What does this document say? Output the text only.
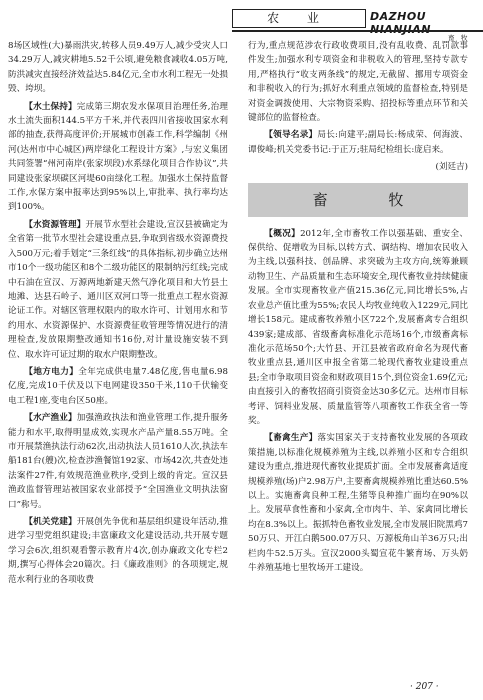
农 业	DAZHOU
畜　牧

8场区域性(大)暴雨洪灾,转移人员9.49万人,减少受灾人口34.29万人,减灾耕地5.52千公顷,避免粮食减收4.05万吨,防洪减灾直接经济效益达5.84亿元,全市水利工程无一处损毁、垮坝。

【水土保持】完成第三期农发水保项目治理任务,治理水土流失面积144.5平方千米,并代表四川省接收国家水利部的抽查,获得高度评价;开展城市创森工作,科学编制《州河(达州市中心城区)两岸绿化工程设计方案》,与宏义集团共同签署“州河南岸(张家坝段)水系绿化项目合作协议”,共同建设张家坝碳区河堤60亩绿化工程。加强水土保持监督工作,水保方案申报率达到95%以上,审批率、执行率均达到100%。

【水资源管理】开展节水型社会建设,宣汉县被确定为全省第一批节水型社会建设重点县,争取到省级水资源费投入500万元;着手划定“三条红线”的具体指标,初步确立达州市10个一级功能区和8个二级功能区的限制纳污红线;完成中石油在宣汉、万源两地新建天然气净化项目和大竹县土地滩、达县石岭子、通川区双河口等一批重点工程水资源论证工作。对辖区管理权限内的取水许可、计划用水和节约用水、水资源保护、水资源费征收管理等情况进行的清理检查,发放限期整改通知书16份,对计量设施安装不到位、取水许可证过期的取水户限期整改。

【地方电力】全年完成供电量7.48亿度,售电量6.98亿度,完成10千伏及以下电网建设350千米,110千伏输变电工程1座,变电台区50座。

【水产渔业】加强渔政执法和渔业管理工作,提升服务能力和水平,取得明显成效,实现水产品产量8.55万吨。全市开展禁渔执法行动62次,出动执法人员1610人次,执法车船181台(艘)次,检查涉渔餐馆192家、市场42次,共查处违法案件27件,有效规范渔业秩序,受到上级的肯定。宣汉县渔政监督管理站被国家农业部授予“全国渔业文明执法窗口”称号。

【机关党建】开展创先争优和基层组织建设年活动,推进学习型党组织建设;丰富廉政文化建设活动,共开展专题学习会6次,组织观看警示教育片4次,创办廉政文化专栏2期,撰写心得体会20篇次。扫《廉政准则》的各项规定,规范水利行业的各项收费

行为,重点规范涉农行政收费项目,没有乱收费、乱罚款事件发生;加强水利专项资金和非税收入的管理,坚持专款专用,严格执行“收支两条线”的规定,无截留、挪用专项资金和非税收入的行为;抓好水利重点领域的监督检查,特别是对资金调拨使用、大宗物资采购、招投标等重点环节和关键部位的监督检查。

【领导名录】局长:向建平;副局长:杨成荣、何海波、谭俊峰;机关党委书记:于正万;驻局纪检组长:庞启来。

(刘廷吉)
畜 牧

【概况】2012年,全市畜牧工作以强基础、重安全、保供给、促增收为目标,以转方式、调结构、增加农民收入为主线,以强科技、创品牌、求突破为主攻方向,统筹兼顾动物卫生、产品质量和生态环境安全,现代畜牧业持续健康发展。全市实现畜牧业产值215.36亿元,同比增长5%,占农业总产值比重为55%;农民人均牧业纯收入1229元,同比增长158元。建成畜牧养殖小区722个,发展畜禽专合组织439家;建成部、省级畜禽标准化示范场16个,市级畜禽标准化示范场50个;大竹县、开江县被省政府命名为现代畜牧业重点县,通川区申报全省第二轮现代畜牧业建设重点县;全市争取项目资金和财政项目15个,到位资金1.69亿元;由直接引入的畜牧招商引资资金达30多亿元。达州市目标考评、饲料业发展、质量监管等八项畜牧工作获全省一等奖。

【畜禽生产】落实国家关于支持畜牧业发展的各项政策措施,以标准化规模养殖为主线,以养殖小区和专合组织建设为重点,推进现代畜牧业提质扩面。全市发展畜禽适度规模养殖(场)户2.98万户,主要畜禽规模养殖比重达60.5%以上。实施畜禽良种工程,生猪等良种推广面均在90%以上。发展草食性畜和小家禽,全市肉牛、羊、家禽同比增长均在8.3%以上。振抓特色畜牧业发展,全市发展旧院黑鸡750万只、开江白鹅500.07万只、万源板角山羊36万只;出栏肉牛52.5万头。宣汉2000头蜀宣花牛繁育场、万头奶牛养殖基地七里牧场开工建设。

· 207 ·
